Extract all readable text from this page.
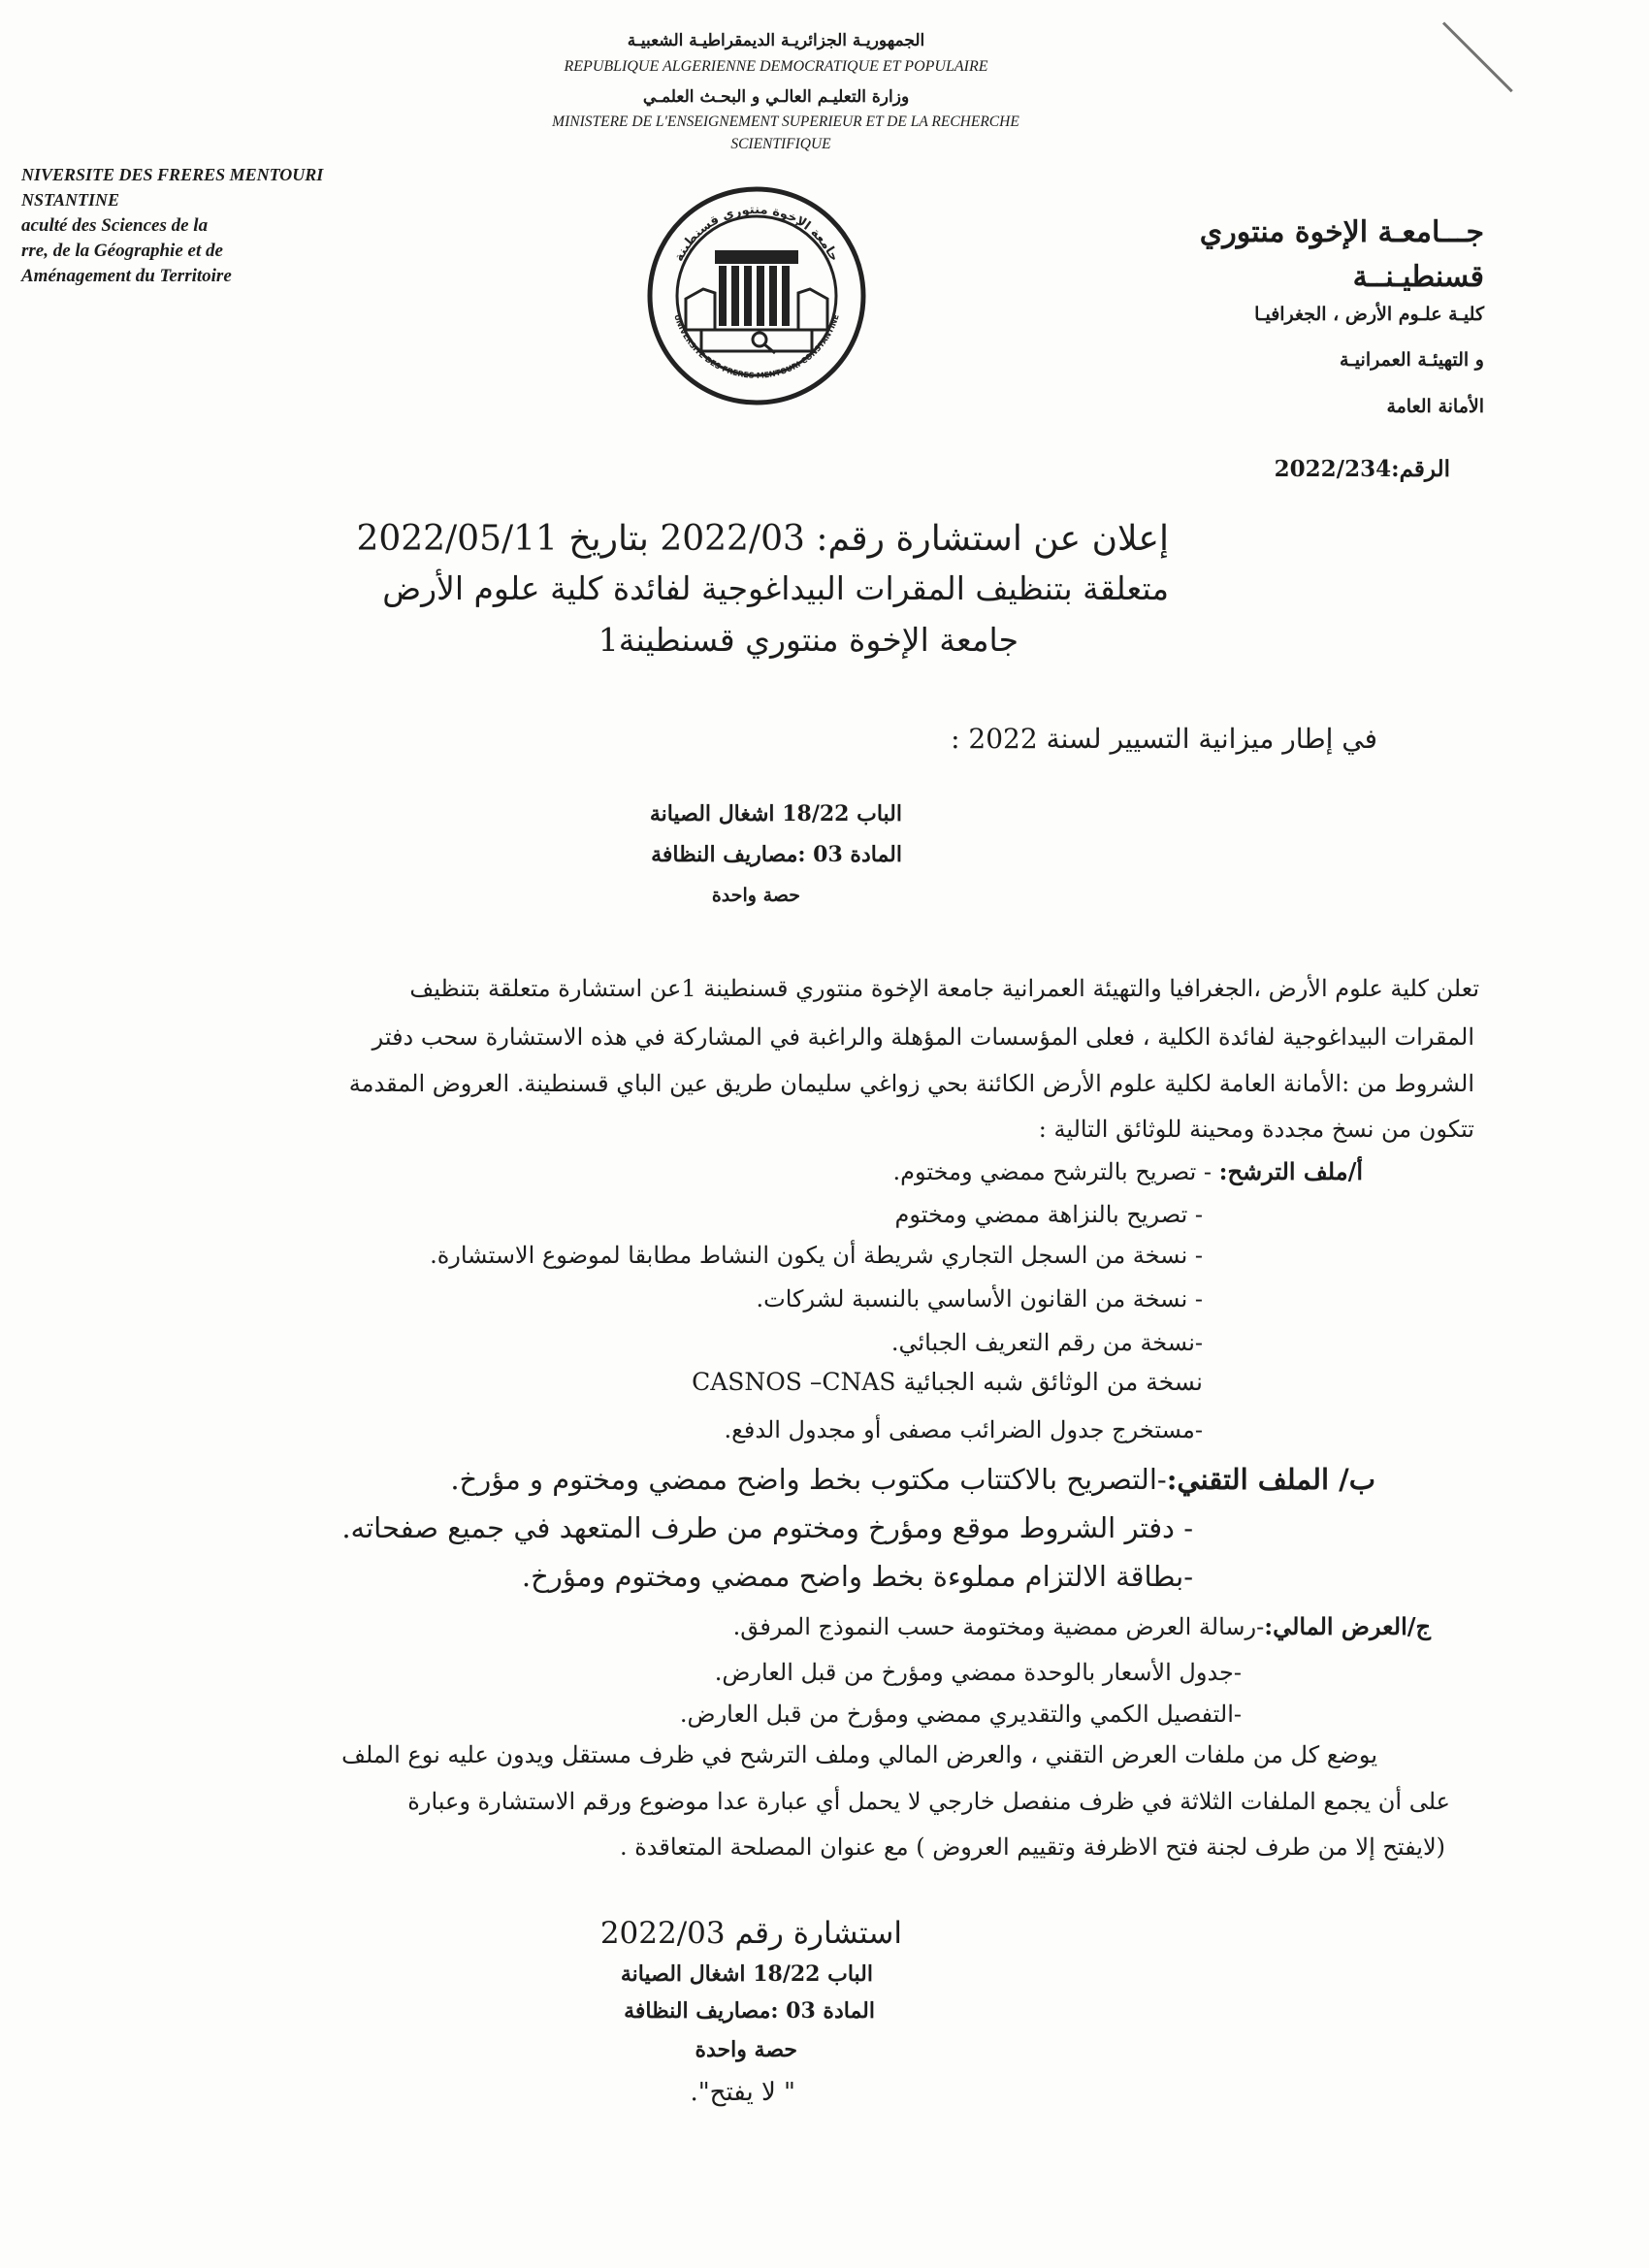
الجمهوريـة الجزائريـة الديمقراطيـة الشعبيـة
REPUBLIQUE ALGERIENNE DEMOCRATIQUE ET POPULAIRE
وزارة التعليـم العالـي و البحـث العلمـي
MINISTERE DE L'ENSEIGNEMENT SUPERIEUR ET DE LA RECHERCHE
SCIENTIFIQUE
NIVERSITE DES FRERES MENTOURI
NSTANTINE
aculté des Sciences de la
rre, de la Géographie et de
Aménagement du Territoire
جامعة الإخوة منتوري قسنطينة
UNIVERSITE DES FRERES MENTOURI CONSTANTINE
جـــامعـة الإخوة منتوري
قسنطيـنــة
كليـة علـوم الأرض ، الجغرافيـا
و التهيئـة العمرانيـة
الأمانة العامة
الرقم:2022/234
إعلان عن استشارة رقم: 2022/03 بتاريخ 2022/05/11
متعلقة بتنظيف المقرات البيداغوجية لفائدة كلية علوم الأرض
جامعة الإخوة منتوري قسنطينة1
في إطار ميزانية التسيير لسنة 2022 :
الباب 18/22 اشغال الصيانة
المادة 03 :مصاريف النظافة
حصة واحدة
تعلن كلية علوم الأرض ،الجغرافيا والتهيئة العمرانية جامعة الإخوة منتوري قسنطينة 1عن استشارة متعلقة بتنظيف
المقرات البيداغوجية لفائدة الكلية ، فعلى المؤسسات المؤهلة والراغبة في المشاركة في هذه الاستشارة سحب دفتر
الشروط من :الأمانة العامة لكلية علوم الأرض الكائنة بحي زواغي سليمان طريق عين الباي قسنطينة. العروض المقدمة
تتكون من نسخ مجددة ومحينة للوثائق التالية :
أ/ملف الترشح: - تصريح بالترشح ممضي ومختوم.
- تصريح بالنزاهة ممضي ومختوم
- نسخة من السجل التجاري شريطة أن يكون النشاط مطابقا لموضوع الاستشارة.
- نسخة من القانون الأساسي بالنسبة لشركات.
-نسخة من رقم التعريف الجبائي.
نسخة من الوثائق شبه الجبائية CASNOS –CNAS
-مستخرج جدول الضرائب مصفى أو مجدول الدفع.
ب/ الملف التقني:-التصريح بالاكتتاب مكتوب بخط واضح ممضي ومختوم و مؤرخ.
- دفتر الشروط موقع ومؤرخ ومختوم من طرف المتعهد في جميع صفحاته.
-بطاقة الالتزام مملوءة بخط واضح ممضي ومختوم ومؤرخ.
ج/العرض المالي:-رسالة العرض ممضية ومختومة حسب النموذج المرفق.
-جدول الأسعار بالوحدة ممضي ومؤرخ من قبل العارض.
-التفصيل الكمي والتقديري ممضي ومؤرخ من قبل العارض.
يوضع كل من ملفات العرض التقني ، والعرض المالي وملف الترشح في ظرف مستقل ويدون عليه نوع الملف
على أن يجمع الملفات الثلاثة في ظرف منفصل خارجي لا يحمل أي عبارة عدا موضوع ورقم الاستشارة وعبارة
(لايفتح إلا من طرف لجنة فتح الاظرفة وتقييم العروض ) مع عنوان المصلحة المتعاقدة .
استشارة رقم 2022/03
الباب 18/22 اشغال الصيانة
المادة 03 :مصاريف النظافة
حصة واحدة
" لا يفتح".
